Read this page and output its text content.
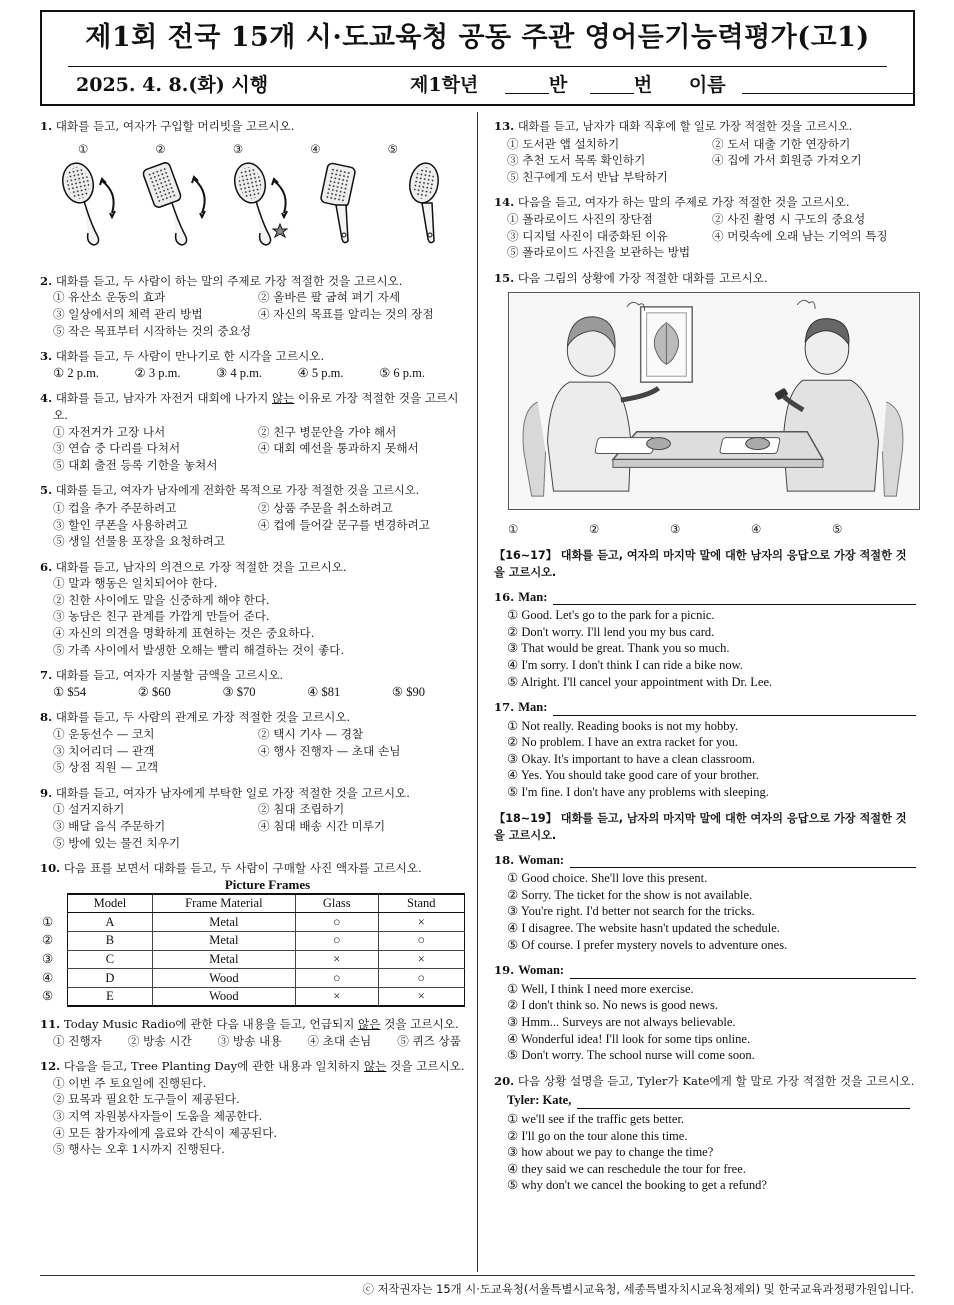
제1회 전국 15개 시·도교육청 공동 주관 영어듣기능력평가(고1)
2025. 4. 8.(화) 시행	제1학년	반	번 이름
1. 대화를 듣고, 여자가 구입할 머리빗을 고르시오.
①	②	③	④	⑤
2. 대화를 듣고, 두 사람이 하는 말의 주제로 가장 적절한 것을 고르시오.
① 유산소 운동의 효과	② 올바른 팔 굽혀 펴기 자세
③ 일상에서의 체력 관리 방법	④ 자신의 목표를 알리는 것의 장점
⑤ 작은 목표부터 시작하는 것의 중요성
3. 대화를 듣고, 두 사람이 만나기로 한 시각을 고르시오.
① 2 p.m.	② 3 p.m.	③ 4 p.m.	④ 5 p.m.	⑤ 6 p.m.
4. 대화를 듣고, 남자가 자전거 대회에 나가지 않는 이유로 가장 적절한 것을 고르시오.
① 자전거가 고장 나서	② 친구 병문안을 가야 해서
③ 연습 중 다리를 다쳐서	④ 대회 예선을 통과하지 못해서
⑤ 대회 출전 등록 기한을 놓쳐서
5. 대화를 듣고, 여자가 남자에게 전화한 목적으로 가장 적절한 것을 고르시오.
① 컵을 추가 주문하려고	② 상품 주문을 취소하려고
③ 할인 쿠폰을 사용하려고	④ 컵에 들어갈 문구를 변경하려고
⑤ 생일 선물용 포장을 요청하려고
6. 대화를 듣고, 남자의 의견으로 가장 적절한 것을 고르시오.
① 말과 행동은 일치되어야 한다.
② 친한 사이에도 말을 신중하게 해야 한다.
③ 농담은 친구 관계를 가깝게 만들어 준다.
④ 자신의 의견을 명확하게 표현하는 것은 중요하다.
⑤ 가족 사이에서 발생한 오해는 빨리 해결하는 것이 좋다.
7. 대화를 듣고, 여자가 지불할 금액을 고르시오.
① $54	② $60	③ $70	④ $81	⑤ $90
8. 대화를 듣고, 두 사람의 관계로 가장 적절한 것을 고르시오.
① 운동선수 — 코치	② 택시 기사 — 경찰
③ 치어리더 — 관객	④ 행사 진행자 — 초대 손님
⑤ 상점 직원 — 고객
9. 대화를 듣고, 여자가 남자에게 부탁한 일로 가장 적절한 것을 고르시오.
① 설거지하기	② 침대 조립하기
③ 배달 음식 주문하기	④ 침대 배송 시간 미루기
⑤ 방에 있는 물건 치우기
10. 다음 표를 보면서 대화를 듣고, 두 사람이 구매할 사진 액자를 고르시오.
Picture Frames
	Model	Frame Material	Glass	Stand
①	A	Metal	○	×
②	B	Metal	○	○
③	C	Metal	×	×
④	D	Wood	○	○
⑤	E	Wood	×	×
11. Today Music Radio에 관한 다음 내용을 듣고, 언급되지 않은 것을 고르시오.
① 진행자 ② 방송 시간 ③ 방송 내용 ④ 초대 손님 ⑤ 퀴즈 상품
12. 다음을 듣고, Tree Planting Day에 관한 내용과 일치하지 않는 것을 고르시오.
① 이번 주 토요일에 진행된다.
② 묘목과 필요한 도구들이 제공된다.
③ 지역 자원봉사자들이 도움을 제공한다.
④ 모든 참가자에게 음료와 간식이 제공된다.
⑤ 행사는 오후 1시까지 진행된다.
13. 대화를 듣고, 남자가 대화 직후에 할 일로 가장 적절한 것을 고르시오.
① 도서관 앱 설치하기	② 도서 대출 기한 연장하기
③ 추천 도서 목록 확인하기	④ 집에 가서 회원증 가져오기
⑤ 친구에게 도서 반납 부탁하기
14. 다음을 듣고, 여자가 하는 말의 주제로 가장 적절한 것을 고르시오.
① 폴라로이드 사진의 장단점	② 사진 촬영 시 구도의 중요성
③ 디지털 사진이 대중화된 이유	④ 머릿속에 오래 남는 기억의 특징
⑤ 폴라로이드 사진을 보관하는 방법
15. 다음 그림의 상황에 가장 적절한 대화를 고르시오.
①	②	③	④	⑤
【16~17】 대화를 듣고, 여자의 마지막 말에 대한 남자의 응답으로 가장 적절한 것을 고르시오.
16.
Man:
① Good. Let's go to the park for a picnic.
② Don't worry. I'll lend you my bus card.
③ That would be great. Thank you so much.
④ I'm sorry. I don't think I can ride a bike now.
⑤ Alright. I'll cancel your appointment with Dr. Lee.
17.
Man:
① Not really. Reading books is not my hobby.
② No problem. I have an extra racket for you.
③ Okay. It's important to have a clean classroom.
④ Yes. You should take good care of your brother.
⑤ I'm fine. I don't have any problems with sleeping.
【18~19】 대화를 듣고, 남자의 마지막 말에 대한 여자의 응답으로 가장 적절한 것을 고르시오.
18.
Woman:
① Good choice. She'll love this present.
② Sorry. The ticket for the show is not available.
③ You're right. I'd better not search for the tricks.
④ I disagree. The website hasn't updated the schedule.
⑤ Of course. I prefer mystery novels to adventure ones.
19.
Woman:
① Well, I think I need more exercise.
② I don't think so. No news is good news.
③ Hmm... Surveys are not always believable.
④ Wonderful idea! I'll look for some tips online.
⑤ Don't worry. The school nurse will come soon.
20. 다음 상황 설명을 듣고, Tyler가 Kate에게 할 말로 가장 적절한 것을 고르시오.
Tyler: Kate,
① we'll see if the traffic gets better.
② I'll go on the tour alone this time.
③ how about we pay to change the time?
④ they said we can reschedule the tour for free.
⑤ why don't we cancel the booking to get a refund?
ⓒ 저작권자는 15개 시·도교육청(서울특별시교육청, 세종특별자치시교육청제외) 및 한국교육과정평가원입니다.
